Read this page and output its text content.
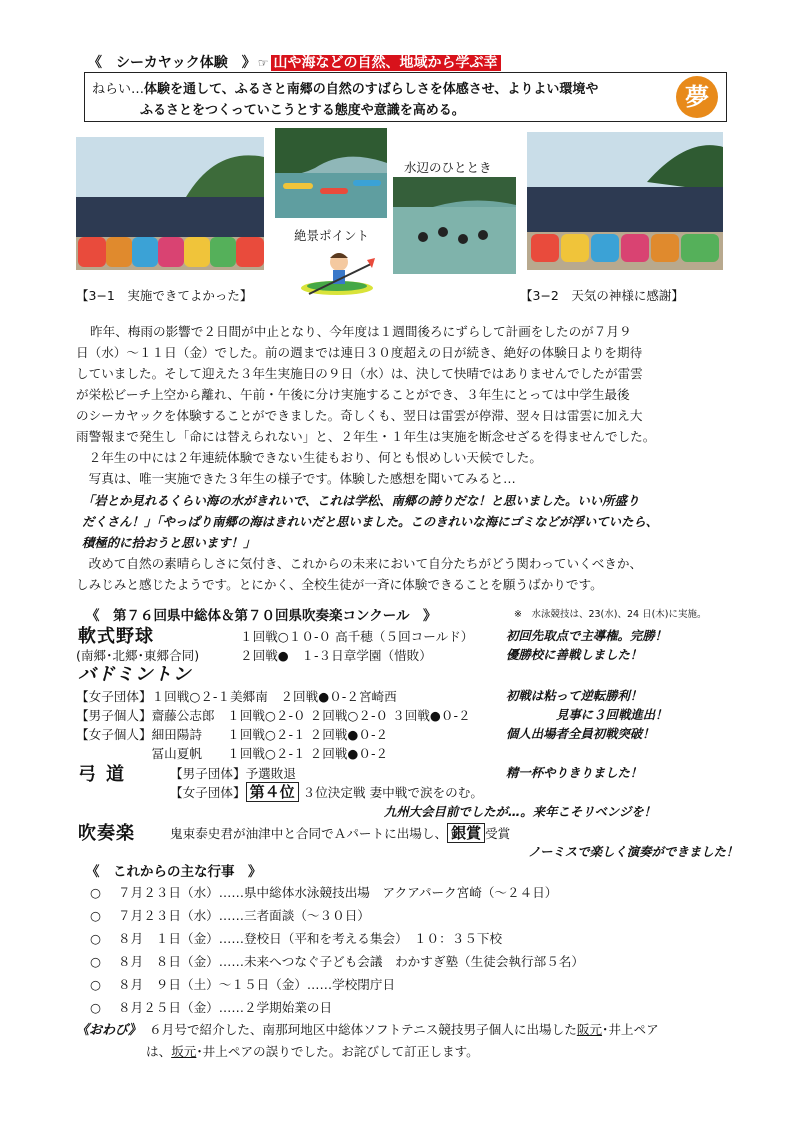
《　シーカヤック体験　》 ☞ 山や海などの自然、地域から学ぶ幸
ねらい…体験を通して、ふるさと南郷の自然のすばらしさを体感させ、よりよい環境や
ふるさとをつくっていこうとする態度や意識を高める。	夢
水辺のひととき
絶景ポイント
【3−1　実施できてよかった】	【3−2　天気の神様に感謝】

昨年、梅雨の影響で２日間が中止となり、今年度は１週間後ろにずらして計画をしたのが７月９

日（水）～１１日（金）でした。前の週までは連日３０度超えの日が続き、絶好の体験日よりを期待

していました。そして迎えた３年生実施日の９日（水）は、決して快晴ではありませんでしたが雷雲

が栄松ビーチ上空から離れ、午前・午後に分け実施することができ、３年生にとっては中学生最後

のシーカヤックを体験することができました。奇しくも、翌日は雷雲が停滞、翌々日は雷雲に加え大

雨警報まで発生し「命には替えられない」と、２年生・１年生は実施を断念せざるを得ませんでした。

　２年生の中には２年連続体験できない生徒もおり、何とも恨めしい天候でした。

　写真は、唯一実施できた３年生の様子です。体験した感想を聞いてみると…

「岩とか見れるくらい海の水がきれいで、これは学松、南郷の誇りだな！と思いました。いい所盛り

だくさん！」「やっぱり南郷の海はきれいだと思いました。このきれいな海にゴミなどが浮いていたら、

積極的に拾おうと思います！」

　改めて自然の素晴らしさに気付き、これからの未来において自分たちがどう関わっていくべきか、

しみじみと感じたようです。とにかく、全校生徒が一斉に体験できることを願うばかりです。

《　第７６回県中総体＆第７０回県吹奏楽コンクール　》	※　水泳競技は、23(水)、24 日(木)に実施。
軟式野球	１回戦○１０-０ 高千穂（５回コールド）	初回先取点で主導権。完勝！
(南郷･北郷･東郷合同)	２回戦●　１-３日章学園（惜敗）	優勝校に善戦しました！
バドミントン
【女子団体】１回戦○２-１美郷南　２回戦●０-２宮崎西	初戦は粘って逆転勝利！
【男子個人】齋藤公志郎　１回戦○２-０ ２回戦○２-０ ３回戦●０-２	見事に３回戦進出！
【女子個人】細田陽詩　　１回戦○２-１ ２回戦●０-２	個人出場者全員初戦突破！
　　　　　　冨山夏帆　　１回戦○２-１ ２回戦●０-２
弓道	【男子団体】予選敗退	精一杯やりきりました！
【女子団体】 第４位 ３位決定戦 妻中戦で涙をのむ。
九州大会目前でしたが…。来年こそリベンジを！
吹奏楽	鬼束泰史君が油津中と合同でＡパートに出場し、 銀賞 受賞
ノーミスで楽しく演奏ができました！
《　これからの主な行事　》
○ ７月２３日（水）……県中総体水泳競技出場　アクアパーク宮崎（～２４日）
○ ７月２３日（水）……三者面談（～３０日）
○ ８月　１日（金）……登校日（平和を考える集会）　１０：３５下校
○ ８月　８日（金）……未来へつなぐ子ども会議　わかすぎ塾（生徒会執行部５名）
○ ８月　９日（土）～１５日（金）……学校閉庁日
○ ８月２５日（金）……２学期始業の日
《おわび》 ６月号で紹介した、南那珂地区中総体ソフトテニス競技男子個人に出場した阪元･井上ペア
は、坂元･井上ペアの誤りでした。お詫びして訂正します。
